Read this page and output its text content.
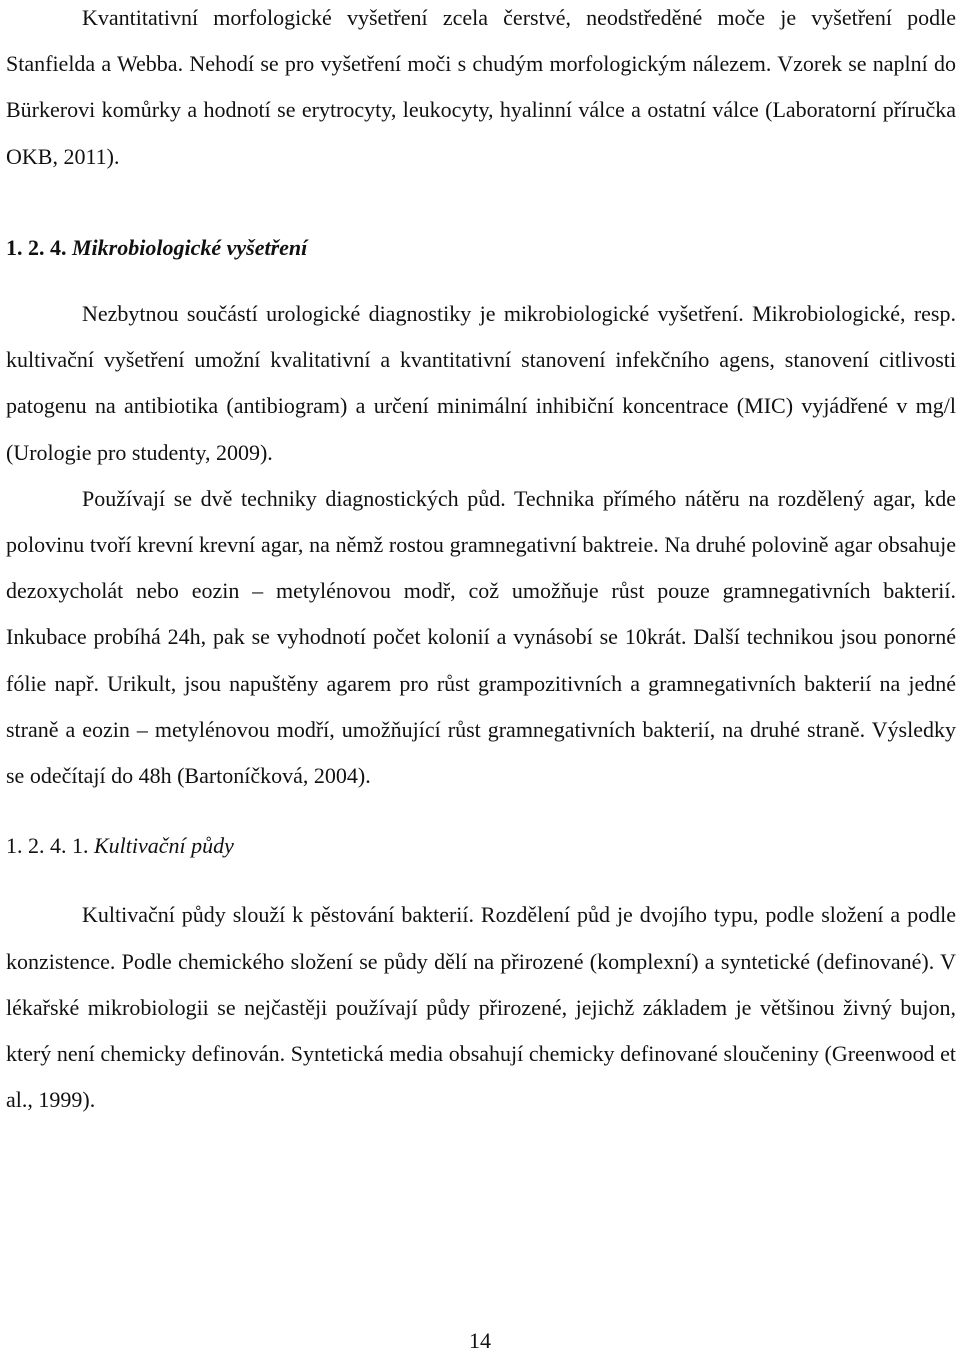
Kvantitativní morfologické vyšetření zcela čerstvé, neodstředěné moče je vyšetření podle Stanfielda a Webba. Nehodí se pro vyšetření moči s chudým morfologickým nálezem. Vzorek se naplní do Bürkerovi komůrky a hodnotí se erytrocyty, leukocyty, hyalinní válce a ostatní válce (Laboratorní příručka OKB, 2011).

1. 2. 4. Mikrobiologické vyšetření

Nezbytnou součástí urologické diagnostiky je mikrobiologické vyšetření. Mikrobiologické, resp. kultivační vyšetření umožní kvalitativní a kvantitativní stanovení infekčního agens, stanovení citlivosti patogenu na antibiotika (antibiogram) a určení minimální inhibiční koncentrace (MIC) vyjádřené v mg/l (Urologie pro studenty, 2009).

Používají se dvě techniky diagnostických půd. Technika přímého nátěru na rozdělený agar, kde polovinu tvoří krevní krevní agar, na němž rostou gramnegativní baktreie. Na druhé polovině agar obsahuje dezoxycholát nebo eozin – metylénovou modř, což umožňuje růst pouze gramnegativních bakterií. Inkubace probíhá 24h, pak se vyhodnotí počet kolonií a vynásobí se 10krát. Další technikou jsou ponorné fólie např. Urikult, jsou napuštěny agarem pro růst grampozitivních a gramnegativních bakterií na jedné straně a eozin – metylénovou modří, umožňující růst gramnegativních bakterií, na druhé straně. Výsledky se odečítají do 48h (Bartoníčková, 2004).

1. 2. 4. 1. Kultivační půdy

Kultivační půdy slouží k pěstování bakterií. Rozdělení půd je dvojího typu, podle složení a podle konzistence. Podle chemického složení se půdy dělí na přirozené (komplexní) a syntetické (definované). V lékařské mikrobiologii se nejčastěji používají půdy přirozené, jejichž základem je většinou živný bujon, který není chemicky definován. Syntetická media obsahují chemicky definované sloučeniny (Greenwood et al., 1999).

14
